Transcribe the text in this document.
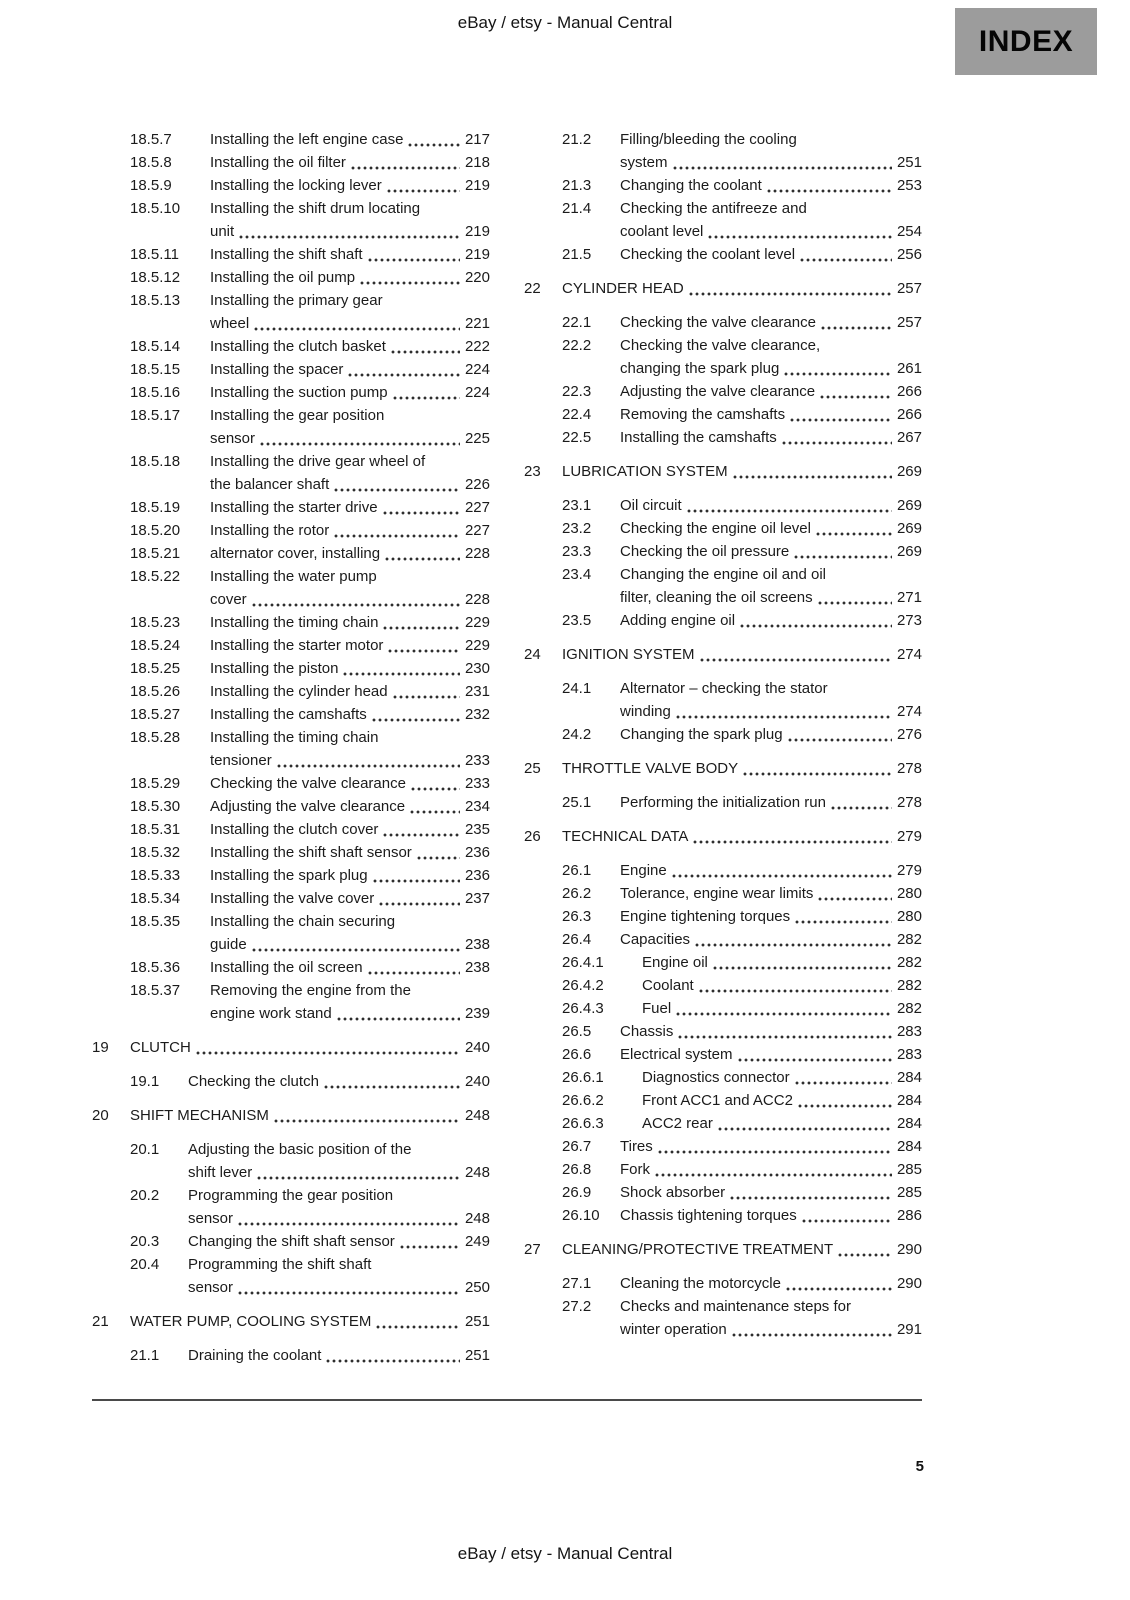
eBay / etsy - Manual Central
INDEX
18.5.7	Installing the left engine case	217
18.5.8	Installing the oil filter	218
18.5.9	Installing the locking lever	219
18.5.10	Installing the shift drum locating
unit	219
18.5.11	Installing the shift shaft	219
18.5.12	Installing the oil pump	220
18.5.13	Installing the primary gear
wheel	221
18.5.14	Installing the clutch basket	222
18.5.15	Installing the spacer	224
18.5.16	Installing the suction pump	224
18.5.17	Installing the gear position
sensor	225
18.5.18	Installing the drive gear wheel of
the balancer shaft	226
18.5.19	Installing the starter drive	227
18.5.20	Installing the rotor	227
18.5.21	alternator cover, installing	228
18.5.22	Installing the water pump
cover	228
18.5.23	Installing the timing chain	229
18.5.24	Installing the starter motor	229
18.5.25	Installing the piston	230
18.5.26	Installing the cylinder head	231
18.5.27	Installing the camshafts	232
18.5.28	Installing the timing chain
tensioner	233
18.5.29	Checking the valve clearance	233
18.5.30	Adjusting the valve clearance	234
18.5.31	Installing the clutch cover	235
18.5.32	Installing the shift shaft sensor	236
18.5.33	Installing the spark plug	236
18.5.34	Installing the valve cover	237
18.5.35	Installing the chain securing
guide	238
18.5.36	Installing the oil screen	238
18.5.37	Removing the engine from the
engine work stand	239
19	CLUTCH	240
19.1	Checking the clutch	240
20	SHIFT MECHANISM	248
20.1	Adjusting the basic position of the
shift lever	248
20.2	Programming the gear position
sensor	248
20.3	Changing the shift shaft sensor	249
20.4	Programming the shift shaft
sensor	250
21	WATER PUMP, COOLING SYSTEM	251
21.1	Draining the coolant	251
21.2	Filling/bleeding the cooling
system	251
21.3	Changing the coolant	253
21.4	Checking the antifreeze and
coolant level	254
21.5	Checking the coolant level	256
22	CYLINDER HEAD	257
22.1	Checking the valve clearance	257
22.2	Checking the valve clearance,
changing the spark plug	261
22.3	Adjusting the valve clearance	266
22.4	Removing the camshafts	266
22.5	Installing the camshafts	267
23	LUBRICATION SYSTEM	269
23.1	Oil circuit	269
23.2	Checking the engine oil level	269
23.3	Checking the oil pressure	269
23.4	Changing the engine oil and oil
filter, cleaning the oil screens	271
23.5	Adding engine oil	273
24	IGNITION SYSTEM	274
24.1	Alternator – checking the stator
winding	274
24.2	Changing the spark plug	276
25	THROTTLE VALVE BODY	278
25.1	Performing the initialization run	278
26	TECHNICAL DATA	279
26.1	Engine	279
26.2	Tolerance, engine wear limits	280
26.3	Engine tightening torques	280
26.4	Capacities	282
26.4.1	Engine oil	282
26.4.2	Coolant	282
26.4.3	Fuel	282
26.5	Chassis	283
26.6	Electrical system	283
26.6.1	Diagnostics connector	284
26.6.2	Front ACC1 and ACC2	284
26.6.3	ACC2 rear	284
26.7	Tires	284
26.8	Fork	285
26.9	Shock absorber	285
26.10	Chassis tightening torques	286
27	CLEANING/PROTECTIVE TREATMENT	290
27.1	Cleaning the motorcycle	290
27.2	Checks and maintenance steps for
winter operation	291
5
eBay / etsy - Manual Central
